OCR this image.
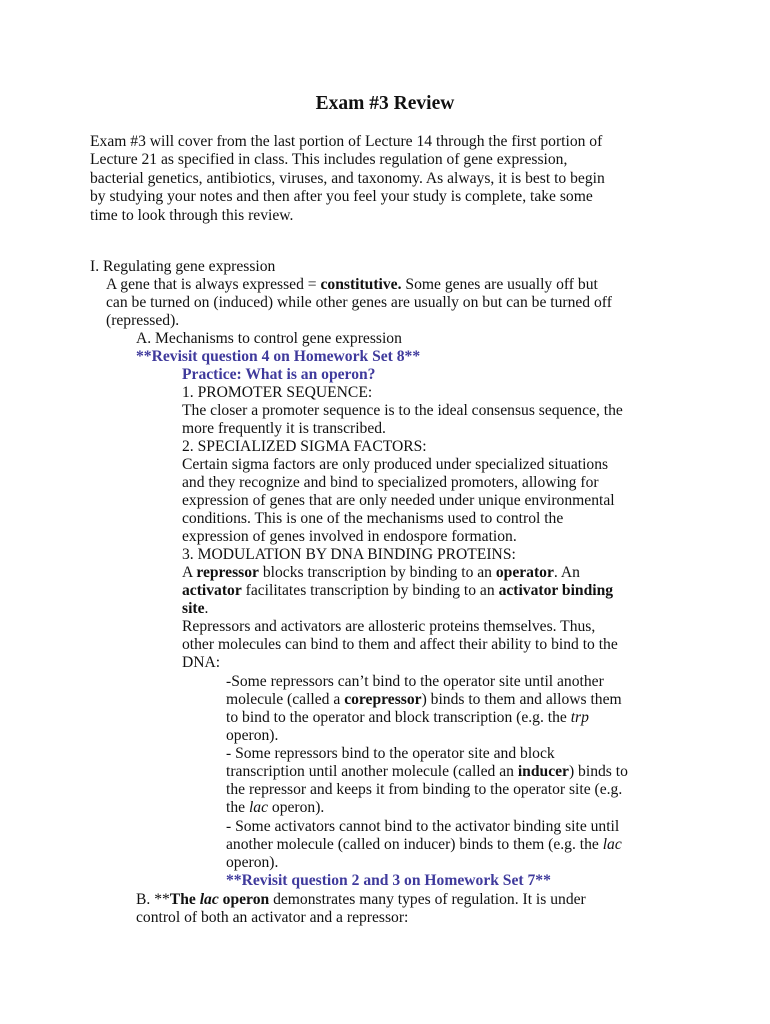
Exam #3 Review

Exam #3 will cover from the last portion of Lecture 14 through the first portion of

Lecture 21 as specified in class. This includes regulation of gene expression,

bacterial genetics, antibiotics, viruses, and taxonomy. As always, it is best to begin

by studying your notes and then after you feel your study is complete, take some

time to look through this review.

I. Regulating gene expression
A gene that is always expressed = constitutive. Some genes are usually off but
can be turned on (induced) while other genes are usually on but can be turned off
(repressed).
A. Mechanisms to control gene expression
**Revisit question 4 on Homework Set 8**
Practice: What is an operon?
1. PROMOTER SEQUENCE:
The closer a promoter sequence is to the ideal consensus sequence, the
more frequently it is transcribed.
2. SPECIALIZED SIGMA FACTORS:
Certain sigma factors are only produced under specialized situations
and they recognize and bind to specialized promoters, allowing for
expression of genes that are only needed under unique environmental
conditions. This is one of the mechanisms used to control the
expression of genes involved in endospore formation.
3. MODULATION BY DNA BINDING PROTEINS:
A repressor blocks transcription by binding to an operator. An
activator facilitates transcription by binding to an activator binding
site.
Repressors and activators are allosteric proteins themselves. Thus,
other molecules can bind to them and affect their ability to bind to the
DNA:
-Some repressors can’t bind to the operator site until another
molecule (called a corepressor) binds to them and allows them
to bind to the operator and block transcription (e.g. the trp
operon).
- Some repressors bind to the operator site and block
transcription until another molecule (called an inducer) binds to
the repressor and keeps it from binding to the operator site (e.g.
the lac operon).
- Some activators cannot bind to the activator binding site until
another molecule (called on inducer) binds to them (e.g. the lac
operon).
**Revisit question 2 and 3 on Homework Set 7**
B. **The lac operon demonstrates many types of regulation. It is under
control of both an activator and a repressor:
